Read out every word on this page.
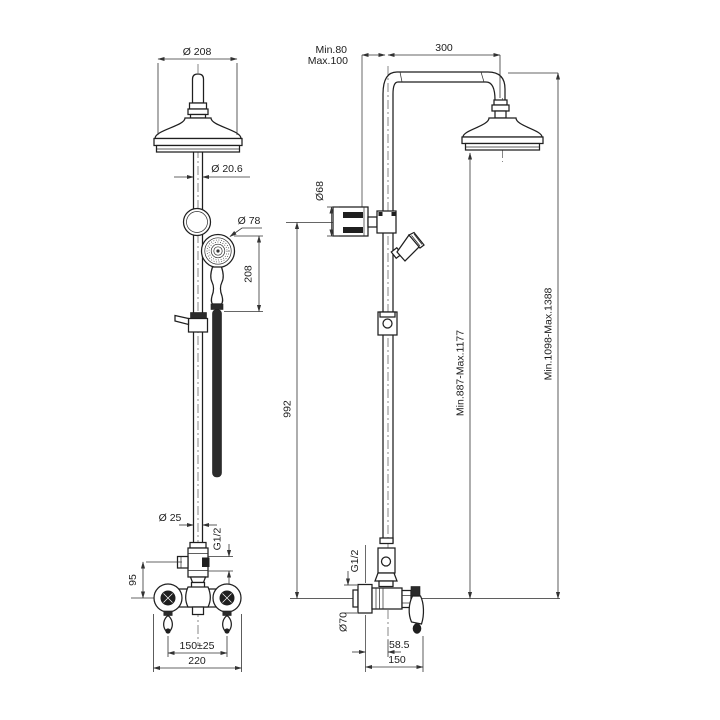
Ø 208
Ø 20.6
Ø 78
208
Ø 25
G1/2
95
150±25
220
Min.80
Max.100
300
Ø68
992	Min.887-Max.1177	Min.1098-Max.1388
G1/2
Ø70
58.5
150
